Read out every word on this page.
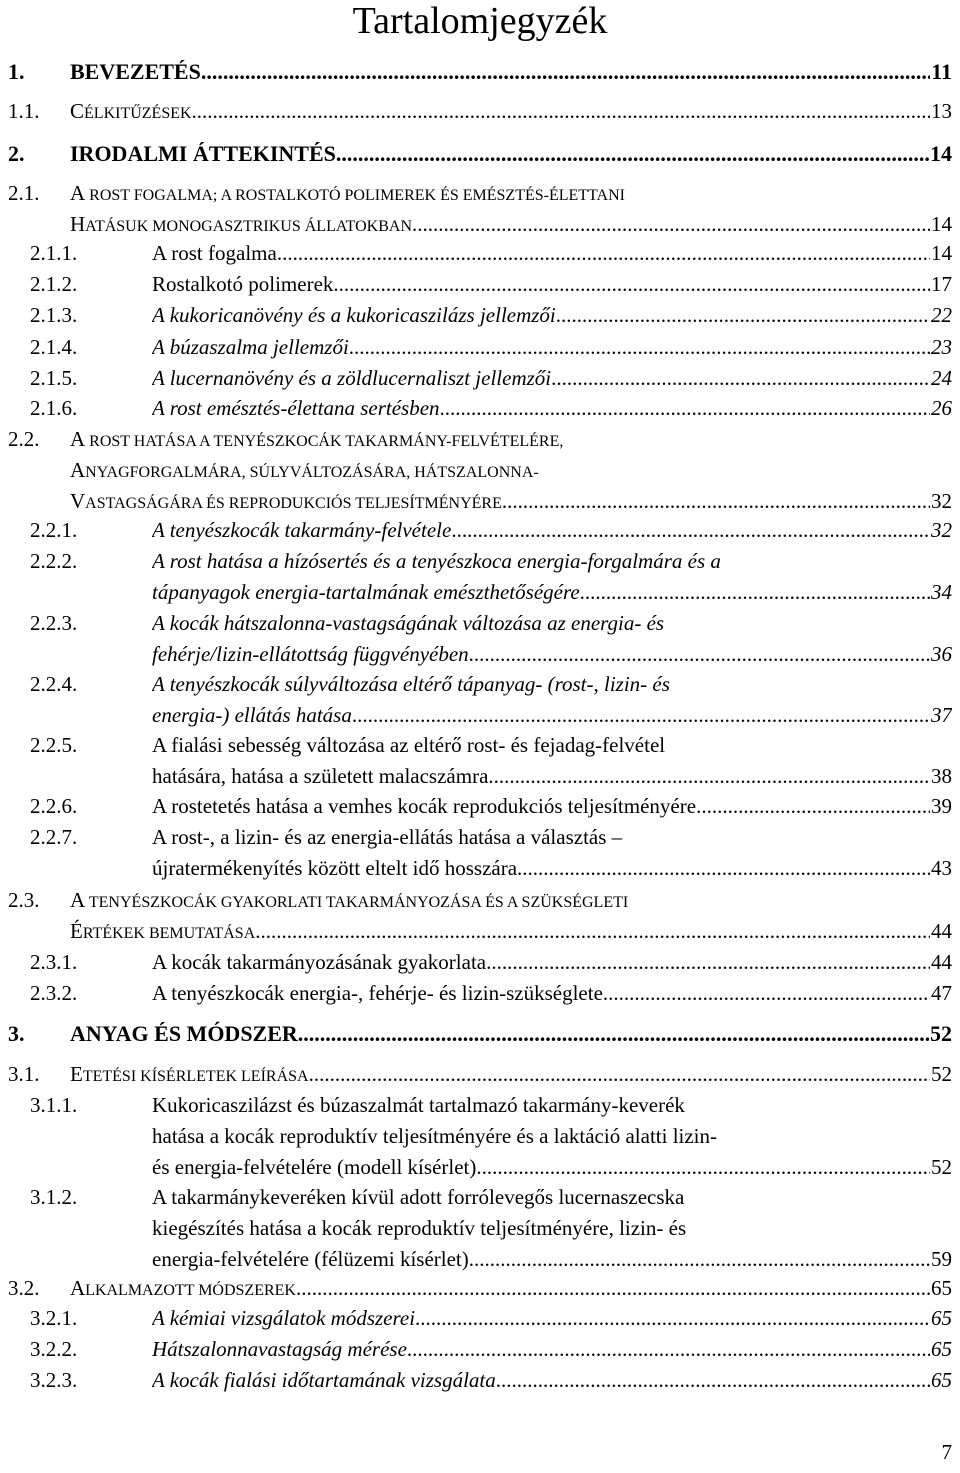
Tartalomjegyzék
1. BEVEZETÉS .....	11
1.1. CÉLKITŰZÉSEK .....	13
2. IRODALMI ÁTTEKINTÉS .....	14
2.1. A ROST FOGALMA; A ROSTALKOTÓ POLIMEREK ÉS EMÉSZTÉS-ÉLETTANI
HATÁSUK MONOGASZTRIKUS ÁLLATOKBAN .....	14
2.1.1.	A rost fogalma .....	14
2.1.2.	Rostalkotó polimerek .....	17
2.1.3.	A kukoricanövény és a kukoricaszilázs jellemzői .....	22
2.1.4.	A búzaszalma jellemzői .....	23
2.1.5.	A lucernanövény és a zöldlucernaliszt jellemzői .....	24
2.1.6.	A rost emésztés-élettana sertésben .....	26
2.2. A ROST HATÁSA A TENYÉSZKOCÁK TAKARMÁNY-FELVÉTELÉRE,
ANYAGFORGALMÁRA, SÚLYVÁLTOZÁSÁRA, HÁTSZALONNA-
VASTAGSÁGÁRA ÉS REPRODUKCIÓS TELJESÍTMÉNYÉRE .....	32
2.2.1.	A tenyészkocák takarmány-felvétele .....	32
2.2.2.	A rost hatása a hízósertés és a tenyészkoca energia-forgalmára és a
tápanyagok energia-tartalmának emészthetőségére .....	34
2.2.3.	A kocák hátszalonna-vastagságának változása az energia- és
fehérje/lizin-ellátottság függvényében .....	36
2.2.4.	A tenyészkocák súlyváltozása eltérő tápanyag- (rost-, lizin- és
energia-) ellátás hatása .....	37
2.2.5.	A fialási sebesség változása az eltérő rost- és fejadag-felvétel
hatására, hatása a született malacszámra .....	38
2.2.6.	A rostetetés hatása a vemhes kocák reprodukciós teljesítményére .....	39
2.2.7.	A rost-, a lizin- és az energia-ellátás hatása a választás –
újratermékenyítés között eltelt idő hosszára .....	43
2.3. A TENYÉSZKOCÁK GYAKORLATI TAKARMÁNYOZÁSA ÉS A SZÜKSÉGLETI
ÉRTÉKEK BEMUTATÁSA .....	44
2.3.1.	A kocák takarmányozásának gyakorlata .....	44
2.3.2.	A tenyészkocák energia-, fehérje- és lizin-szükséglete .....	47
3. ANYAG ÉS MÓDSZER .....	52
3.1. ETETÉSI KÍSÉRLETEK LEÍRÁSA .....	52
3.1.1.	Kukoricaszilázst és búzaszalmát tartalmazó takarmány-keverék
hatása a kocák reproduktív teljesítményére és a laktáció alatti lizin-
és energia-felvételére (modell kísérlet) .....	52
3.1.2.	A takarmánykeveréken kívül adott forrólevegős lucernaszecska
kiegészítés hatása a kocák reproduktív teljesítményére, lizin- és
energia-felvételére (félüzemi kísérlet) .....	59
3.2. ALKALMAZOTT MÓDSZEREK .....	65
3.2.1.	A kémiai vizsgálatok módszerei .....	65
3.2.2.	Hátszalonnavastagság mérése .....	65
3.2.3.	A kocák fialási időtartamának vizsgálata .....	65
7
